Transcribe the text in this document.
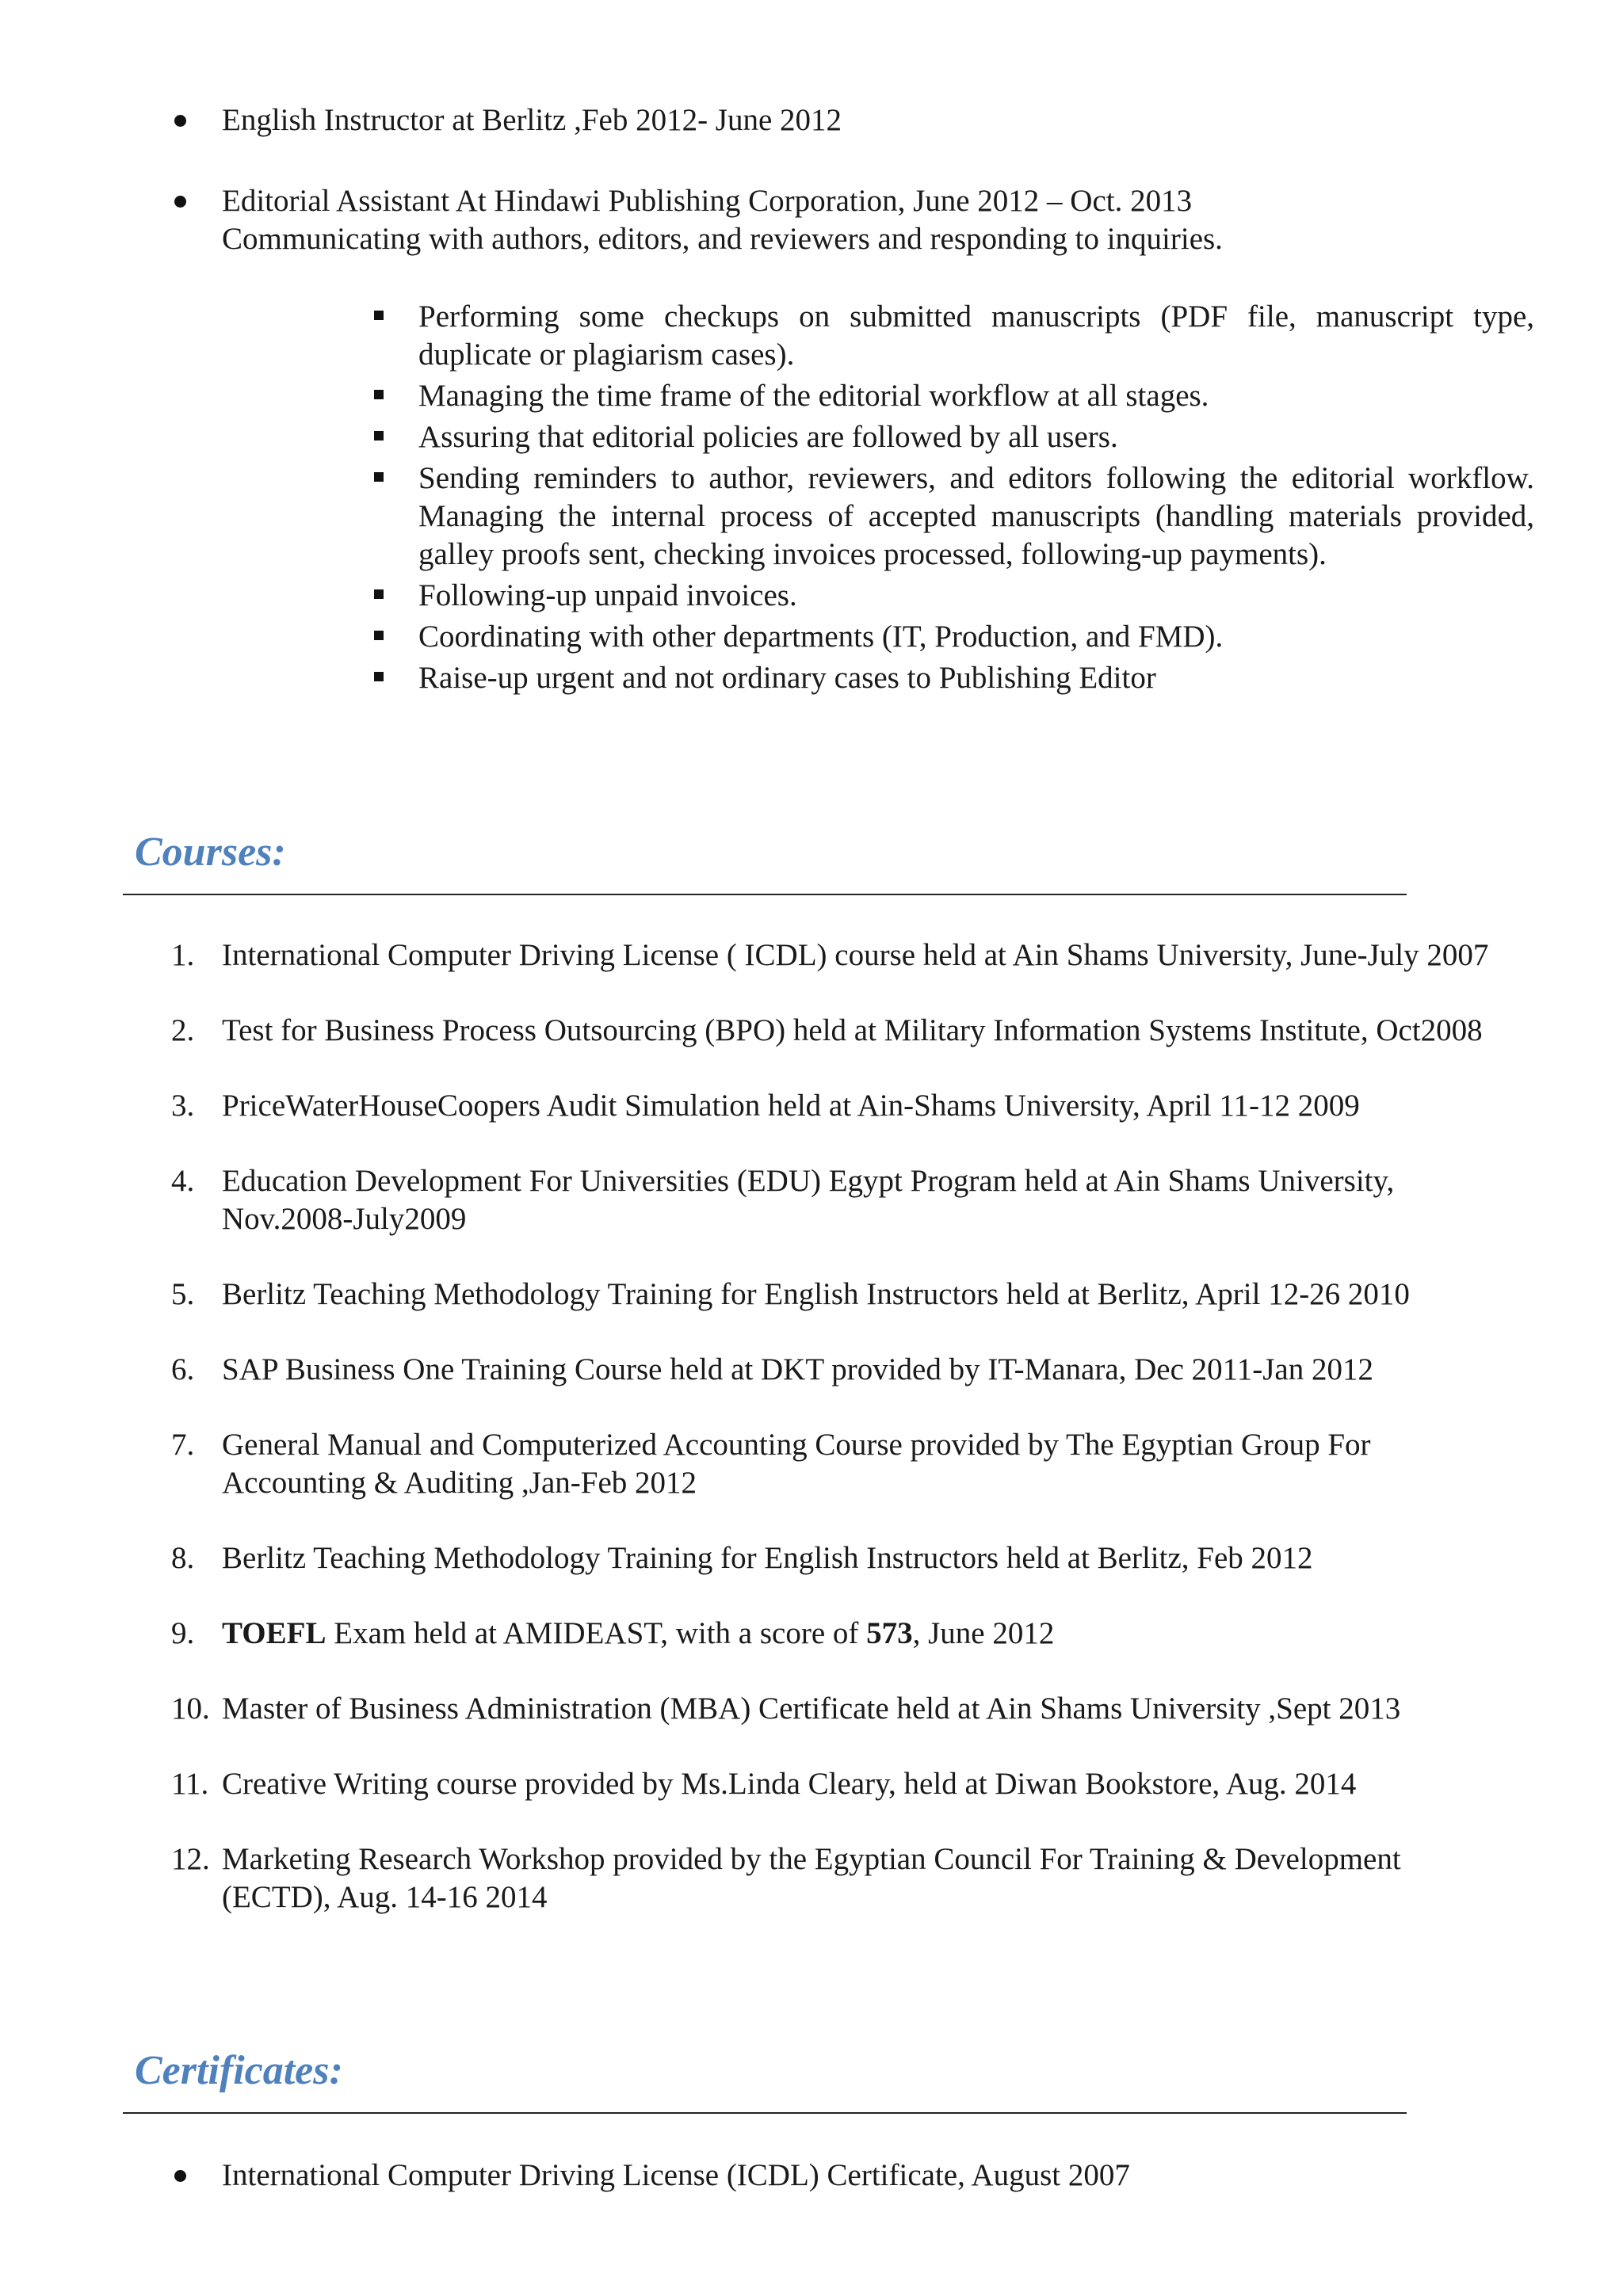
English Instructor at Berlitz ,Feb 2012- June 2012
Editorial Assistant At Hindawi Publishing Corporation, June 2012 – Oct. 2013
Communicating with authors, editors, and reviewers and responding to inquiries.
Performing some checkups on submitted manuscripts (PDF file, manuscript type, duplicate or plagiarism cases).
Managing the time frame of the editorial workflow at all stages.
Assuring that editorial policies are followed by all users.
Sending reminders to author, reviewers, and editors following the editorial workflow. Managing the internal process of accepted manuscripts (handling materials provided, galley proofs sent, checking invoices processed, following-up payments).
Following-up unpaid invoices.
Coordinating with other departments (IT, Production, and FMD).
Raise-up urgent and not ordinary cases to Publishing Editor
Courses:
1. International Computer Driving License ( ICDL) course held at Ain Shams University, June-July 2007
2. Test for Business Process Outsourcing (BPO) held at Military Information Systems Institute, Oct2008
3. PriceWaterHouseCoopers Audit Simulation held at Ain-Shams University, April 11-12 2009
4. Education Development For Universities (EDU) Egypt Program held at Ain Shams University,
Nov.2008-July2009
5. Berlitz Teaching Methodology Training for English Instructors held at Berlitz, April 12-26 2010
6. SAP Business One Training Course held at DKT provided by IT-Manara, Dec 2011-Jan 2012
7. General Manual and Computerized Accounting Course provided by The Egyptian Group For
Accounting & Auditing ,Jan-Feb 2012
8. Berlitz Teaching Methodology Training for English Instructors held at Berlitz, Feb 2012
9. TOEFL Exam held at AMIDEAST, with a score of 573, June 2012
10. Master of Business Administration (MBA) Certificate held at Ain Shams University ,Sept 2013
11. Creative Writing course provided by Ms.Linda Cleary, held at Diwan Bookstore, Aug. 2014
12. Marketing Research Workshop provided by the Egyptian Council For Training & Development
(ECTD), Aug. 14-16 2014
Certificates:
International Computer Driving License (ICDL) Certificate, August 2007
